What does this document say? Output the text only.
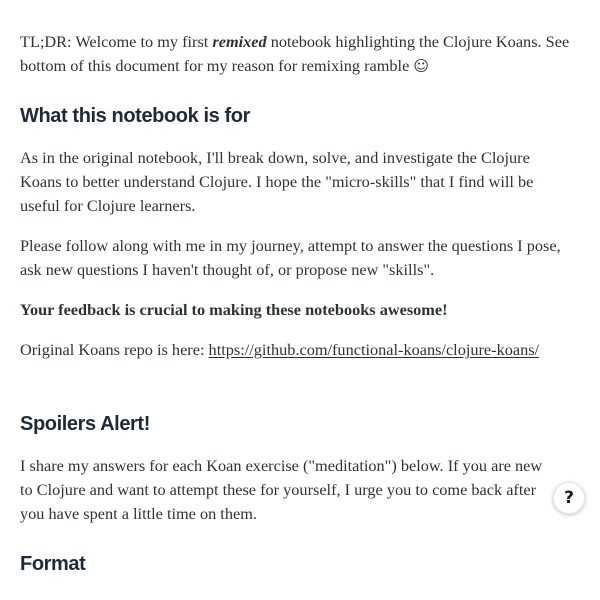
TL;DR: Welcome to my first remixed notebook highlighting the Clojure Koans. See bottom of this document for my reason for remixing ramble ☺

What this notebook is for

As in the original notebook, I'll break down, solve, and investigate the Clojure Koans to better understand Clojure. I hope the "micro-skills" that I find will be useful for Clojure learners.

Please follow along with me in my journey, attempt to answer the questions I pose, ask new questions I haven't thought of, or propose new "skills".

Your feedback is crucial to making these notebooks awesome!

Original Koans repo is here: https://github.com/functional-koans/clojure-koans/

Spoilers Alert!

I share my answers for each Koan exercise ("meditation") below. If you are new to Clojure and want to attempt these for yourself, I urge you to come back after you have spent a little time on them.

Format
?
